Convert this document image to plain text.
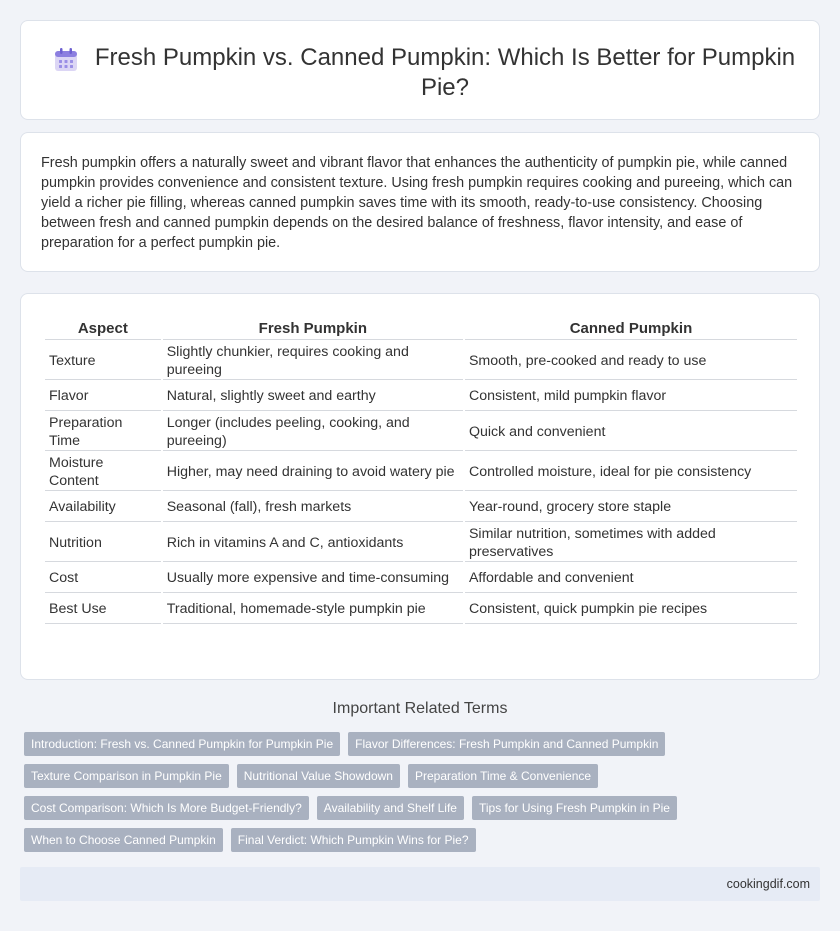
Fresh Pumpkin vs. Canned Pumpkin: Which Is Better for Pumpkin Pie?

Fresh pumpkin offers a naturally sweet and vibrant flavor that enhances the authenticity of pumpkin pie, while canned pumpkin provides convenience and consistent texture. Using fresh pumpkin requires cooking and pureeing, which can yield a richer pie filling, whereas canned pumpkin saves time with its smooth, ready-to-use consistency. Choosing between fresh and canned pumpkin depends on the desired balance of freshness, flavor intensity, and ease of preparation for a perfect pumpkin pie.

Aspect	Fresh Pumpkin	Canned Pumpkin
Texture	Slightly chunkier, requires cooking and pureeing	Smooth, pre-cooked and ready to use
Flavor	Natural, slightly sweet and earthy	Consistent, mild pumpkin flavor
Preparation Time	Longer (includes peeling, cooking, and pureeing)	Quick and convenient
Moisture Content	Higher, may need draining to avoid watery pie	Controlled moisture, ideal for pie consistency
Availability	Seasonal (fall), fresh markets	Year-round, grocery store staple
Nutrition	Rich in vitamins A and C, antioxidants	Similar nutrition, sometimes with added preservatives
Cost	Usually more expensive and time-consuming	Affordable and convenient
Best Use	Traditional, homemade-style pumpkin pie	Consistent, quick pumpkin pie recipes
Important Related Terms
Introduction: Fresh vs. Canned Pumpkin for Pumpkin Pie	Flavor Differences: Fresh Pumpkin and Canned Pumpkin
Texture Comparison in Pumpkin Pie	Nutritional Value Showdown	Preparation Time & Convenience
Cost Comparison: Which Is More Budget-Friendly?	Availability and Shelf Life	Tips for Using Fresh Pumpkin in Pie
When to Choose Canned Pumpkin	Final Verdict: Which Pumpkin Wins for Pie?
cookingdif.com
